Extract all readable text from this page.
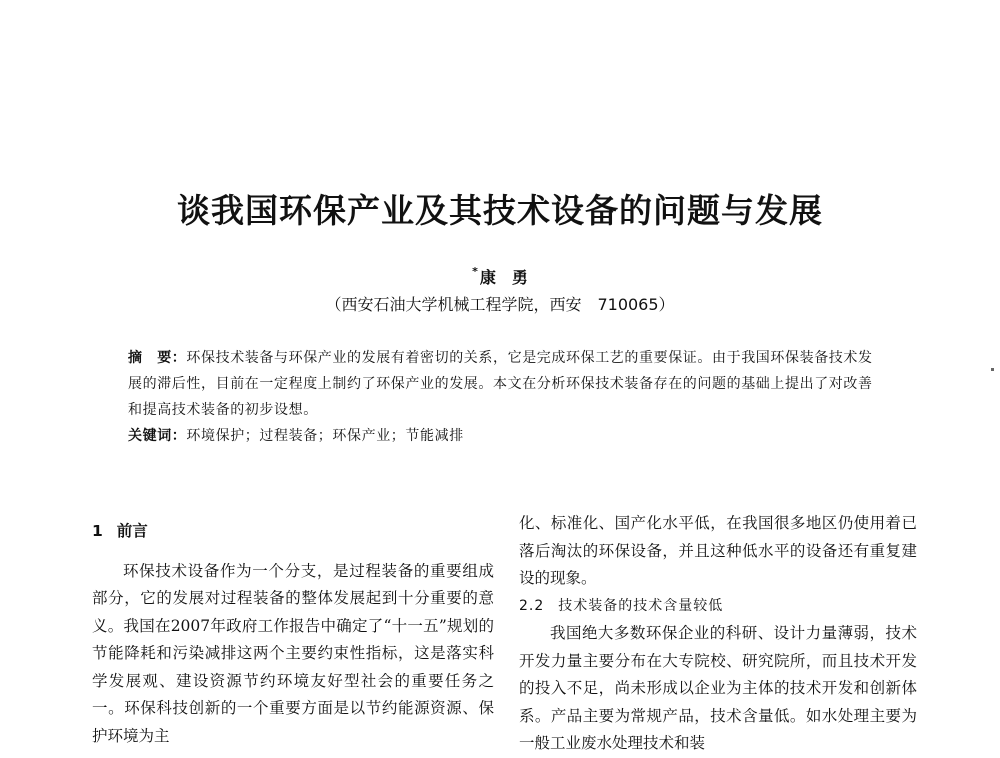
谈我国环保产业及其技术设备的问题与发展
* 康　勇
（西安石油大学机械工程学院，西安　710065）
摘　要：环保技术装备与环保产业的发展有着密切的关系，它是完成环保工艺的重要保证。由于我国环保装备技术发展的滞后性，目前在一定程度上制约了环保产业的发展。本文在分析环保技术装备存在的问题的基础上提出了对改善和提高技术装备的初步设想。
关键词：环境保护；过程装备；环保产业；节能减排
1 前言

环保技术设备作为一个分支，是过程装备的重要组成部分，它的发展对过程装备的整体发展起到十分重要的意义。我国在2007年政府工作报告中确定了“十一五”规划的节能降耗和污染减排这两个主要约束性指标，这是落实科学发展观、建设资源节约环境友好型社会的重要任务之一。环保科技创新的一个重要方面是以节约能源资源、保护环境为主

化、标准化、国产化水平低，在我国很多地区仍使用着已落后淘汰的环保设备，并且这种低水平的设备还有重复建设的现象。

2.2 技术装备的技术含量较低

我国绝大多数环保企业的科研、设计力量薄弱，技术开发力量主要分布在大专院校、研究院所，而且技术开发的投入不足，尚未形成以企业为主体的技术开发和创新体系。产品主要为常规产品，技术含量低。如水处理主要为一般工业废水处理技术和装
